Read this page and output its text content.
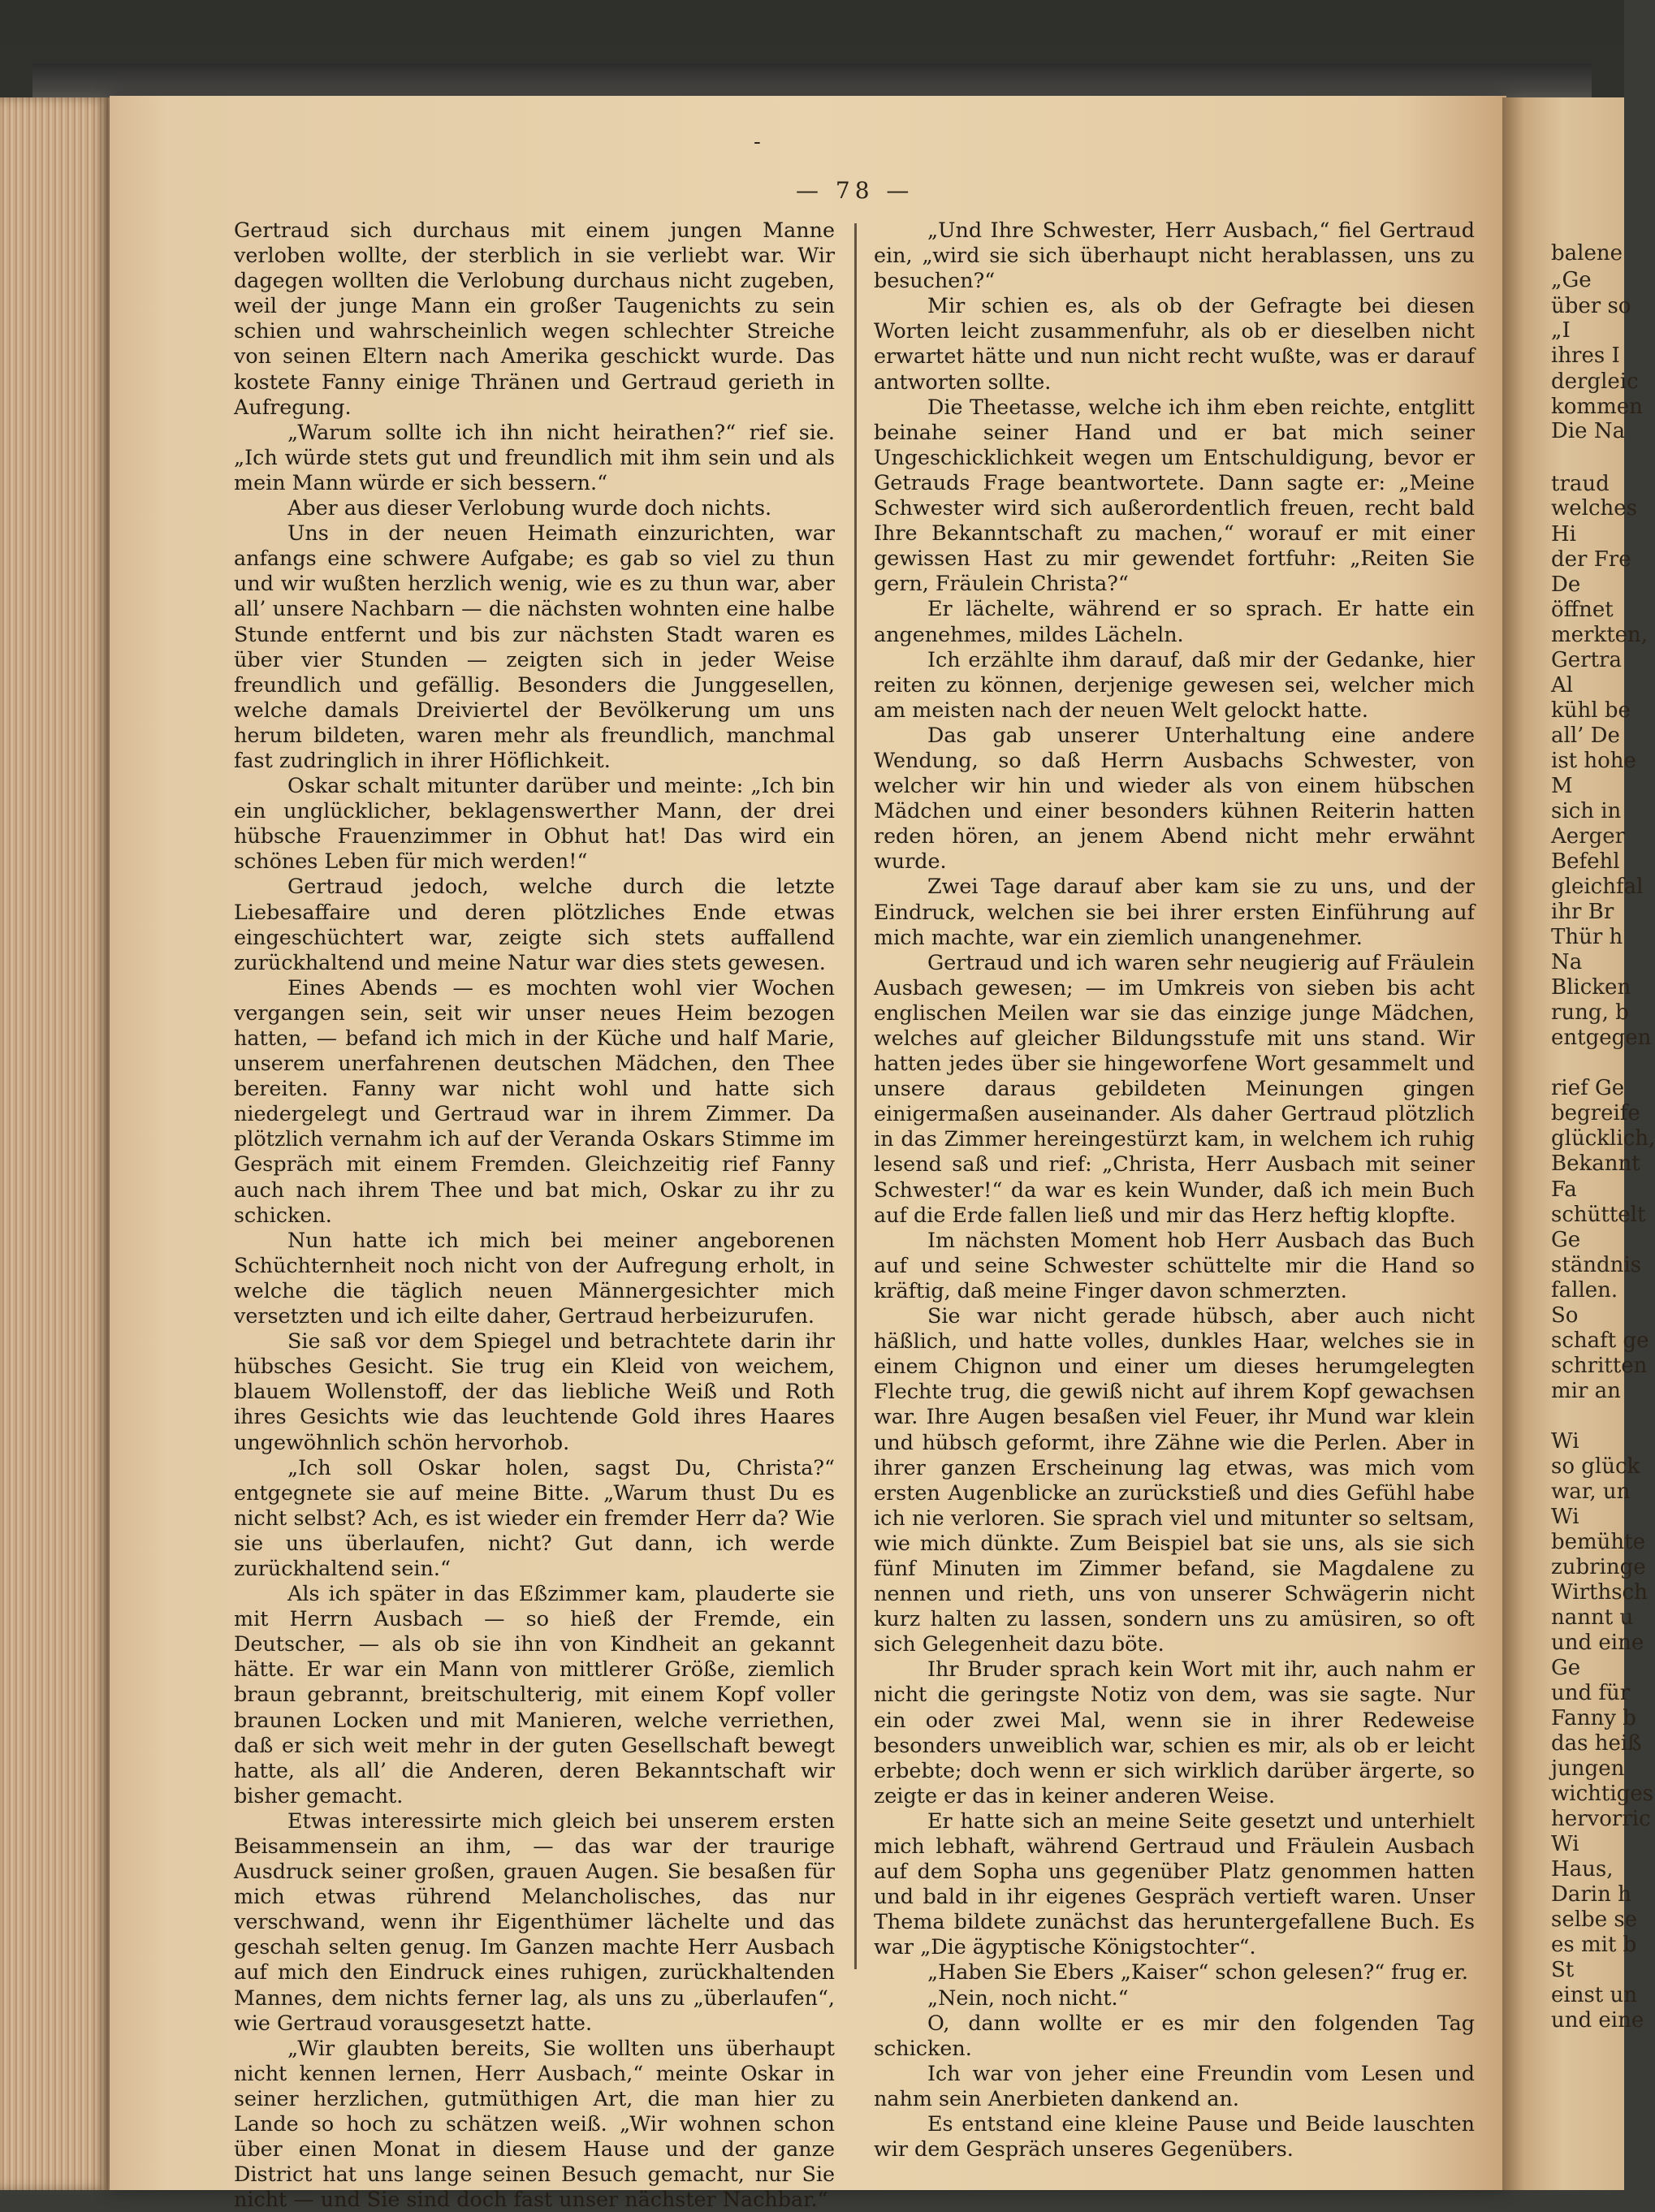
balene
„Ge
über so
„I
ihres I
dergleic
kommen
Die Na
traud
welches
Hi
der Fre
De
öffnet
merkten,
Gertra
Al
kühl be
all’ De
ist hohe
M
sich in
Aerger
Befehl
gleichfal
ihr Br
Thür h
Na
Blicken
rung, b
entgegen
rief Ge
begreife
glücklich,
Bekannt
Fa
schüttelt
Ge
ständnis
fallen.
So
schaft ge
schritten
mir an
Wi
so glück
war, un
Wi
bemühte
zubringe
Wirthsch
nannt u
und eine
Ge
und für
Fanny b
das heiß
jungen
wichtiges
hervorric
Wi
Haus,
Darin h
selbe se
es mit b
St
einst un
und eine
— 78 —
-

Gertraud sich durchaus mit einem jungen Manne verloben wollte, der sterblich in sie verliebt war. Wir dagegen wollten die Verlobung durchaus nicht zugeben, weil der junge Mann ein großer Taugenichts zu sein schien und wahrscheinlich wegen schlechter Streiche von seinen Eltern nach Amerika geschickt wurde. Das kostete Fanny einige Thränen und Gertraud gerieth in Aufregung.

„Warum sollte ich ihn nicht heirathen?“ rief sie. „Ich würde stets gut und freundlich mit ihm sein und als mein Mann würde er sich bessern.“

Aber aus dieser Verlobung wurde doch nichts.

Uns in der neuen Heimath einzurichten, war anfangs eine schwere Aufgabe; es gab so viel zu thun und wir wußten herzlich wenig, wie es zu thun war, aber all’ unsere Nachbarn — die nächsten wohnten eine halbe Stunde entfernt und bis zur nächsten Stadt waren es über vier Stunden — zeigten sich in jeder Weise freundlich und gefällig. Besonders die Junggesellen, welche damals Dreiviertel der Bevölkerung um uns herum bildeten, waren mehr als freundlich, manchmal fast zudringlich in ihrer Höflichkeit.

Oskar schalt mitunter darüber und meinte: „Ich bin ein unglücklicher, beklagenswerther Mann, der drei hübsche Frauenzimmer in Obhut hat! Das wird ein schönes Leben für mich werden!“

Gertraud jedoch, welche durch die letzte Liebesaffaire und deren plötzliches Ende etwas eingeschüchtert war, zeigte sich stets auffallend zurückhaltend und meine Natur war dies stets gewesen.

Eines Abends — es mochten wohl vier Wochen vergangen sein, seit wir unser neues Heim bezogen hatten, — befand ich mich in der Küche und half Marie, unserem unerfahrenen deutschen Mädchen, den Thee bereiten. Fanny war nicht wohl und hatte sich niedergelegt und Gertraud war in ihrem Zimmer. Da plötzlich vernahm ich auf der Veranda Oskars Stimme im Gespräch mit einem Fremden. Gleichzeitig rief Fanny auch nach ihrem Thee und bat mich, Oskar zu ihr zu schicken.

Nun hatte ich mich bei meiner angeborenen Schüchternheit noch nicht von der Aufregung erholt, in welche die täglich neuen Männergesichter mich versetzten und ich eilte daher, Gertraud herbeizurufen.

Sie saß vor dem Spiegel und betrachtete darin ihr hübsches Gesicht. Sie trug ein Kleid von weichem, blauem Wollenstoff, der das liebliche Weiß und Roth ihres Gesichts wie das leuchtende Gold ihres Haares ungewöhnlich schön hervorhob.

„Ich soll Oskar holen, sagst Du, Christa?“ entgegnete sie auf meine Bitte. „Warum thust Du es nicht selbst? Ach, es ist wieder ein fremder Herr da? Wie sie uns überlaufen, nicht? Gut dann, ich werde zurückhaltend sein.“

Als ich später in das Eßzimmer kam, plauderte sie mit Herrn Ausbach — so hieß der Fremde, ein Deutscher, — als ob sie ihn von Kindheit an gekannt hätte. Er war ein Mann von mittlerer Größe, ziemlich braun gebrannt, breitschulterig, mit einem Kopf voller braunen Locken und mit Manieren, welche verriethen, daß er sich weit mehr in der guten Gesellschaft bewegt hatte, als all’ die Anderen, deren Bekanntschaft wir bisher gemacht.

Etwas interessirte mich gleich bei unserem ersten Beisammensein an ihm, — das war der traurige Ausdruck seiner großen, grauen Augen. Sie besaßen für mich etwas rührend Melancholisches, das nur verschwand, wenn ihr Eigenthümer lächelte und das geschah selten genug. Im Ganzen machte Herr Ausbach auf mich den Eindruck eines ruhigen, zurückhaltenden Mannes, dem nichts ferner lag, als uns zu „überlaufen“, wie Gertraud vorausgesetzt hatte.

„Wir glaubten bereits, Sie wollten uns überhaupt nicht kennen lernen, Herr Ausbach,“ meinte Oskar in seiner herzlichen, gutmüthigen Art, die man hier zu Lande so hoch zu schätzen weiß. „Wir wohnen schon über einen Monat in diesem Hause und der ganze District hat uns lange seinen Besuch gemacht, nur Sie nicht — und Sie sind doch fast unser nächster Nachbar.“

„Und Ihre Schwester, Herr Ausbach,“ fiel Gertraud ein, „wird sie sich überhaupt nicht herablassen, uns zu besuchen?“

Mir schien es, als ob der Gefragte bei diesen Worten leicht zusammenfuhr, als ob er dieselben nicht erwartet hätte und nun nicht recht wußte, was er darauf antworten sollte.

Die Theetasse, welche ich ihm eben reichte, entglitt beinahe seiner Hand und er bat mich seiner Ungeschicklichkeit wegen um Entschuldigung, bevor er Getrauds Frage beantwortete. Dann sagte er: „Meine Schwester wird sich außerordentlich freuen, recht bald Ihre Bekanntschaft zu machen,“ worauf er mit einer gewissen Hast zu mir gewendet fortfuhr: „Reiten Sie gern, Fräulein Christa?“

Er lächelte, während er so sprach. Er hatte ein angenehmes, mildes Lächeln.

Ich erzählte ihm darauf, daß mir der Gedanke, hier reiten zu können, derjenige gewesen sei, welcher mich am meisten nach der neuen Welt gelockt hatte.

Das gab unserer Unterhaltung eine andere Wendung, so daß Herrn Ausbachs Schwester, von welcher wir hin und wieder als von einem hübschen Mädchen und einer besonders kühnen Reiterin hatten reden hören, an jenem Abend nicht mehr erwähnt wurde.

Zwei Tage darauf aber kam sie zu uns, und der Eindruck, welchen sie bei ihrer ersten Einführung auf mich machte, war ein ziemlich unangenehmer.

Gertraud und ich waren sehr neugierig auf Fräulein Ausbach gewesen; — im Umkreis von sieben bis acht englischen Meilen war sie das einzige junge Mädchen, welches auf gleicher Bildungsstufe mit uns stand. Wir hatten jedes über sie hingeworfene Wort gesammelt und unsere daraus gebildeten Meinungen gingen einigermaßen auseinander. Als daher Gertraud plötzlich in das Zimmer hereingestürzt kam, in welchem ich ruhig lesend saß und rief: „Christa, Herr Ausbach mit seiner Schwester!“ da war es kein Wunder, daß ich mein Buch auf die Erde fallen ließ und mir das Herz heftig klopfte.

Im nächsten Moment hob Herr Ausbach das Buch auf und seine Schwester schüttelte mir die Hand so kräftig, daß meine Finger davon schmerzten.

Sie war nicht gerade hübsch, aber auch nicht häßlich, und hatte volles, dunkles Haar, welches sie in einem Chignon und einer um dieses herumgelegten Flechte trug, die gewiß nicht auf ihrem Kopf gewachsen war. Ihre Augen besaßen viel Feuer, ihr Mund war klein und hübsch geformt, ihre Zähne wie die Perlen. Aber in ihrer ganzen Erscheinung lag etwas, was mich vom ersten Augenblicke an zurückstieß und dies Gefühl habe ich nie verloren. Sie sprach viel und mitunter so seltsam, wie mich dünkte. Zum Beispiel bat sie uns, als sie sich fünf Minuten im Zimmer befand, sie Magdalene zu nennen und rieth, uns von unserer Schwägerin nicht kurz halten zu lassen, sondern uns zu amüsiren, so oft sich Gelegenheit dazu böte.

Ihr Bruder sprach kein Wort mit ihr, auch nahm er nicht die geringste Notiz von dem, was sie sagte. Nur ein oder zwei Mal, wenn sie in ihrer Redeweise besonders unweiblich war, schien es mir, als ob er leicht erbebte; doch wenn er sich wirklich darüber ärgerte, so zeigte er das in keiner anderen Weise.

Er hatte sich an meine Seite gesetzt und unterhielt mich lebhaft, während Gertraud und Fräulein Ausbach auf dem Sopha uns gegenüber Platz genommen hatten und bald in ihr eigenes Gespräch vertieft waren. Unser Thema bildete zunächst das heruntergefallene Buch. Es war „Die ägyptische Königstochter“.

„Haben Sie Ebers „Kaiser“ schon gelesen?“ frug er.

„Nein, noch nicht.“

O, dann wollte er es mir den folgenden Tag schicken.

Ich war von jeher eine Freundin vom Lesen und nahm sein Anerbieten dankend an.

Es entstand eine kleine Pause und Beide lauschten wir dem Gespräch unseres Gegenübers.
